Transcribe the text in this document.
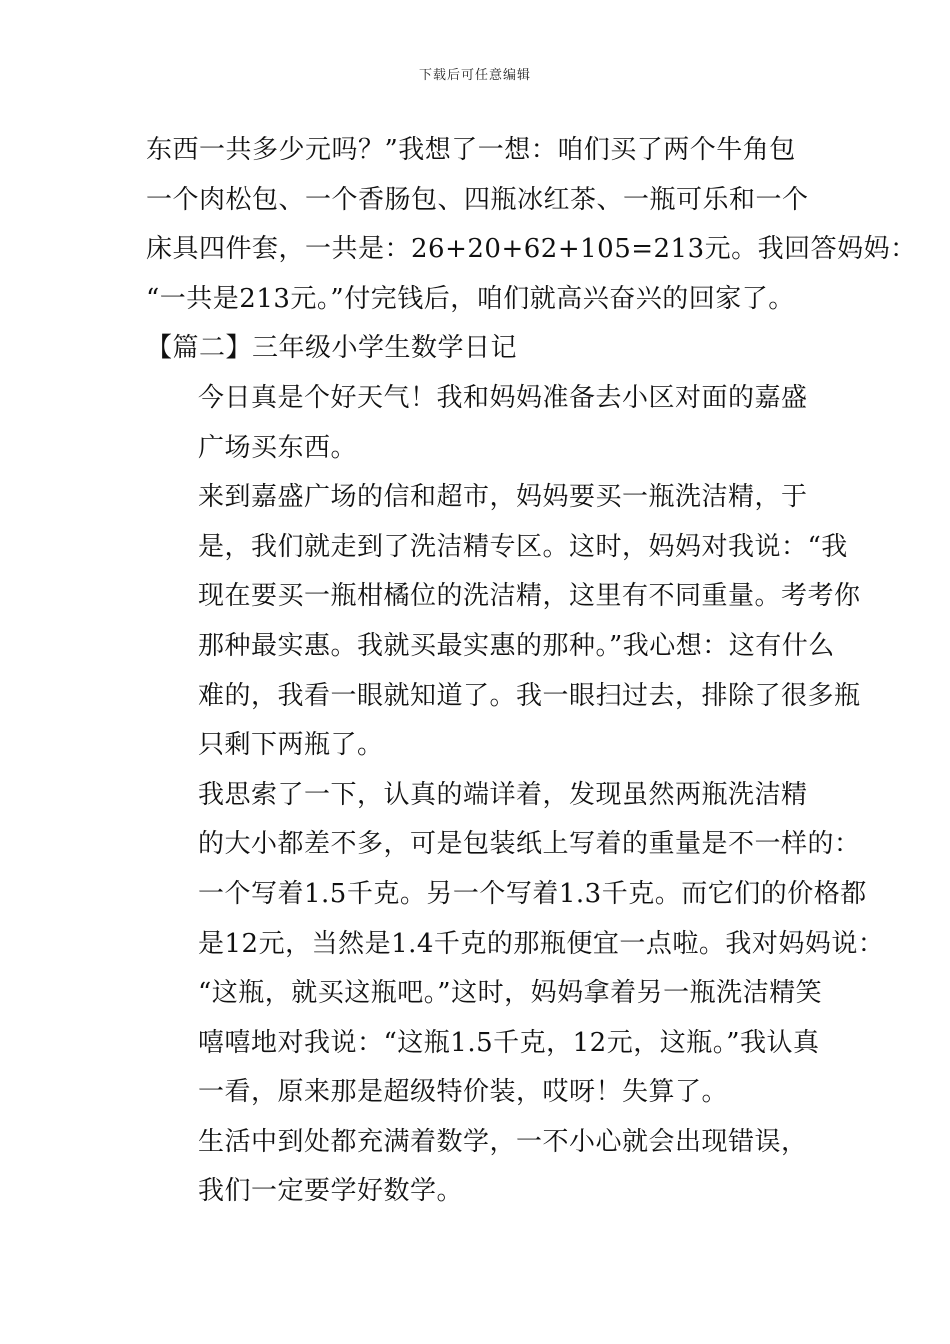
下载后可任意编辑

东西一共多少元吗？”我想了一想：咱们买了两个牛角包
一个肉松包、一个香肠包、四瓶冰红茶、一瓶可乐和一个
床具四件套，一共是：26+20+62+105=213元。我回答妈妈：
“一共是213元。”付完钱后，咱们就高兴奋兴的回家了。

【篇二】三年级小学生数学日记

今日真是个好天气！我和妈妈准备去小区对面的嘉盛
广场买东西。

来到嘉盛广场的信和超市，妈妈要买一瓶洗洁精，于
是，我们就走到了洗洁精专区。这时，妈妈对我说：“我
现在要买一瓶柑橘位的洗洁精，这里有不同重量。考考你
那种最实惠。我就买最实惠的那种。”我心想：这有什么
难的，我看一眼就知道了。我一眼扫过去，排除了很多瓶
只剩下两瓶了。

我思索了一下，认真的端详着，发现虽然两瓶洗洁精
的大小都差不多，可是包装纸上写着的重量是不一样的：
一个写着1.5千克。另一个写着1.3千克。而它们的价格都
是12元，当然是1.4千克的那瓶便宜一点啦。我对妈妈说：
“这瓶，就买这瓶吧。”这时，妈妈拿着另一瓶洗洁精笑
嘻嘻地对我说：“这瓶1.5千克，12元，这瓶。”我认真
一看，原来那是超级特价装，哎呀！失算了。

生活中到处都充满着数学，一不小心就会出现错误，
我们一定要学好数学。
